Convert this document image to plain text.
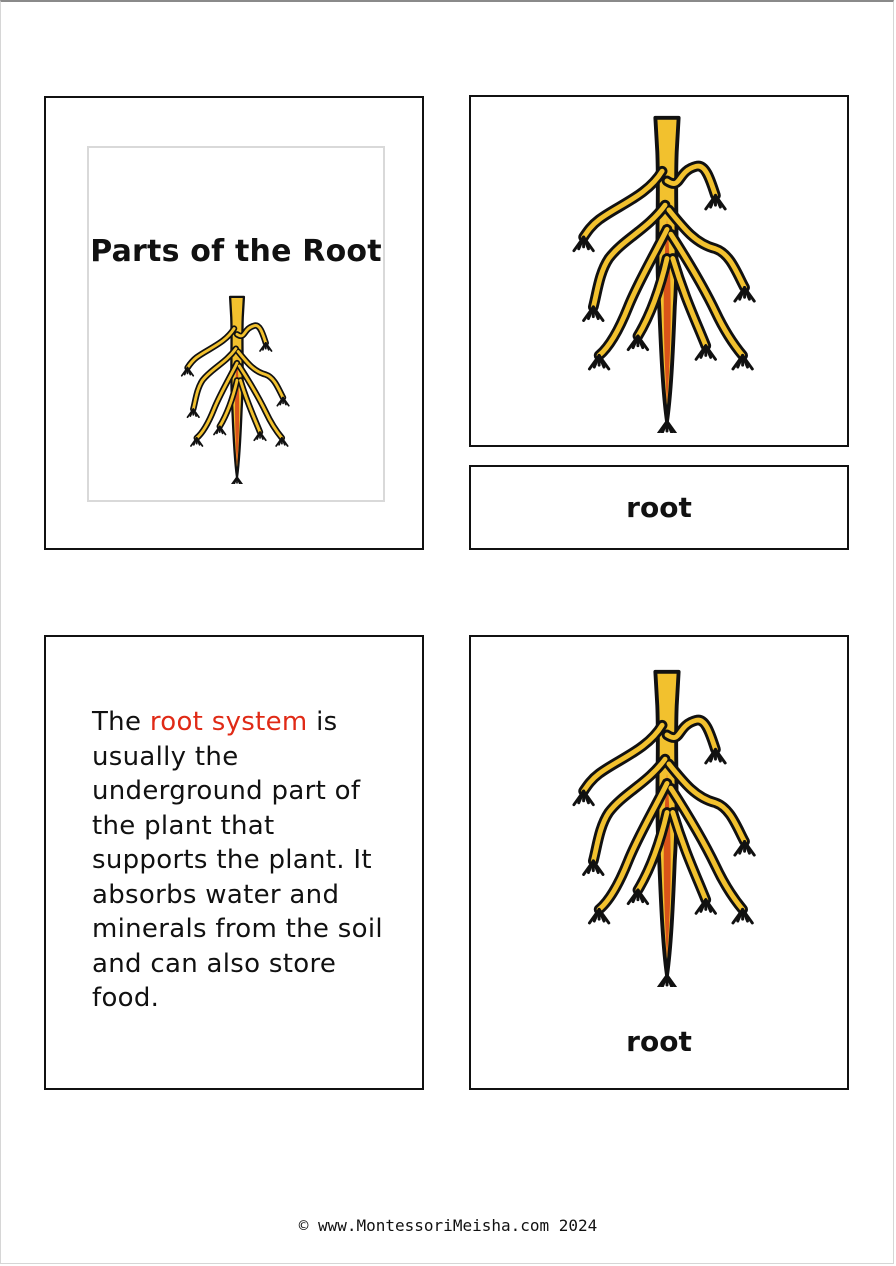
Parts of the Root
root
The root system is usually the underground part of the plant that supports the plant. It absorbs water and minerals from the soil and can also store food.
root
© www.MontessoriMeisha.com 2024
